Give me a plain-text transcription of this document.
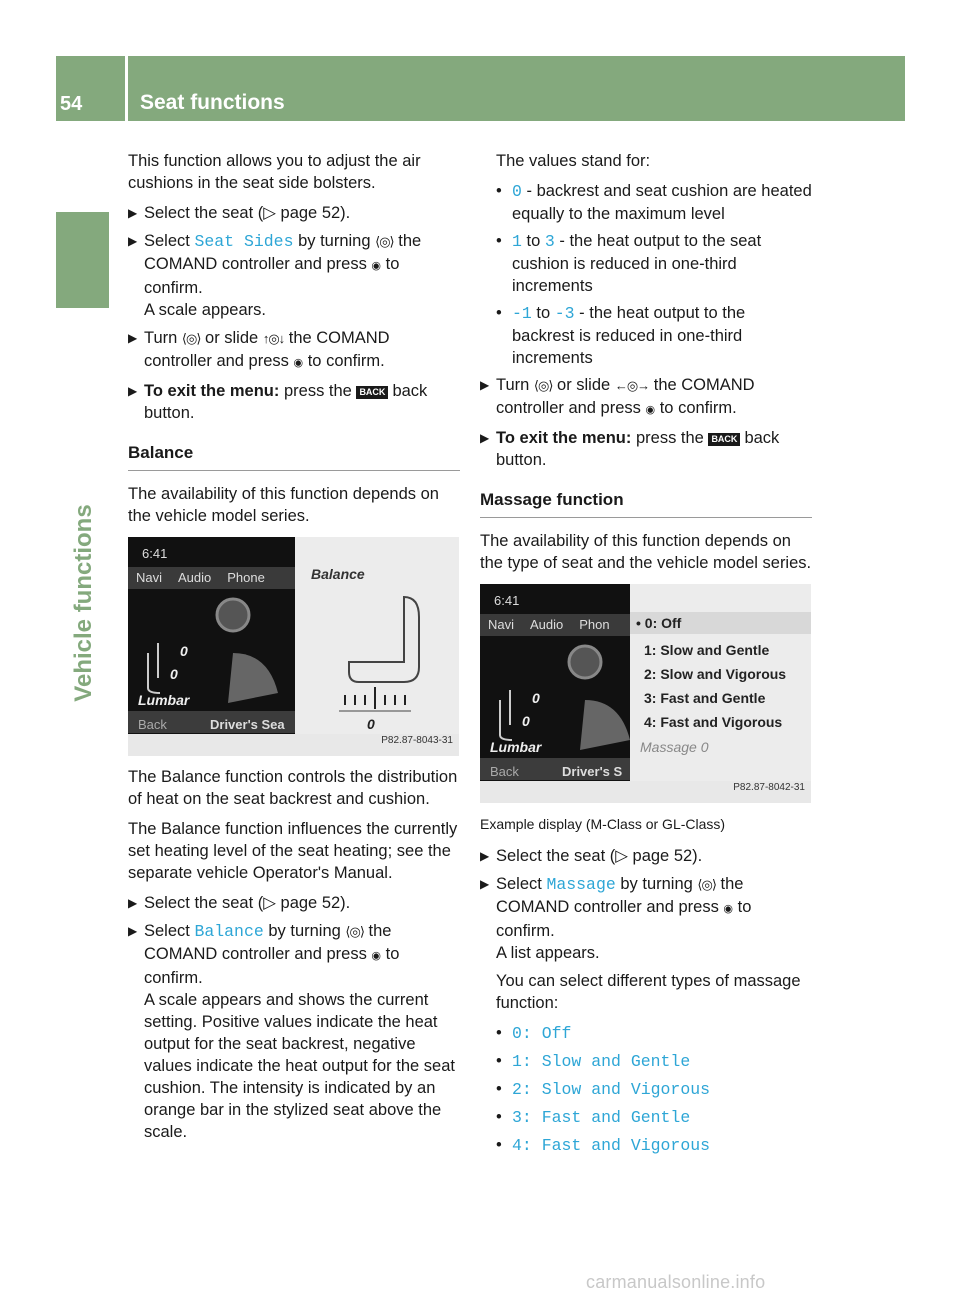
54	Seat functions
Vehicle functions

This function allows you to adjust the air cushions in the seat side bolsters.

▶ Select the seat (▷ page 52).
▶ Select Seat Sides by turning ⟨◎⟩ the COMAND controller and press ◉ to confirm.
A scale appears.
▶ Turn ⟨◎⟩ or slide ↑◎↓ the COMAND controller and press ◉ to confirm.
▶ To exit the menu: press the BACK back button.
Balance

The availability of this function depends on the vehicle model series.

6:41
Navi Audio Phone
0
0
Lumbar
Back	Driver's Sea
Balance
0
P82.87-8043-31

The Balance function controls the distribution of heat on the seat backrest and cushion.

The Balance function influences the currently set heating level of the seat heating; see the separate vehicle Operator's Manual.

▶ Select the seat (▷ page 52).
▶ Select Balance by turning ⟨◎⟩ the COMAND controller and press ◉ to confirm.
A scale appears and shows the current setting. Positive values indicate the heat output for the seat backrest, negative values indicate the heat output for the seat cushion. The intensity is indicated by an orange bar in the stylized seat above the scale.

The values stand for:

• 0 - backrest and seat cushion are heated equally to the maximum level
• 1 to 3 - the heat output to the seat cushion is reduced in one-third increments
• -1 to -3 - the heat output to the backrest is reduced in one-third increments
▶ Turn ⟨◎⟩ or slide ←◎→ the COMAND controller and press ◉ to confirm.
▶ To exit the menu: press the BACK back button.
Massage function

The availability of this function depends on the type of seat and the vehicle model series.

6:41
Navi Audio Phon
0
0
Lumbar
Back	Driver's S
• 0: Off
1: Slow and Gentle
2: Slow and Vigorous
3: Fast and Gentle
4: Fast and Vigorous
Massage 0
P82.87-8042-31
Example display (M-Class or GL-Class)
▶ Select the seat (▷ page 52).
▶ Select Massage by turning ⟨◎⟩ the COMAND controller and press ◉ to confirm.
A list appears.

You can select different types of massage function:

• 0: Off
• 1: Slow and Gentle
• 2: Slow and Vigorous
• 3: Fast and Gentle
• 4: Fast and Vigorous
carmanualsonline.info
